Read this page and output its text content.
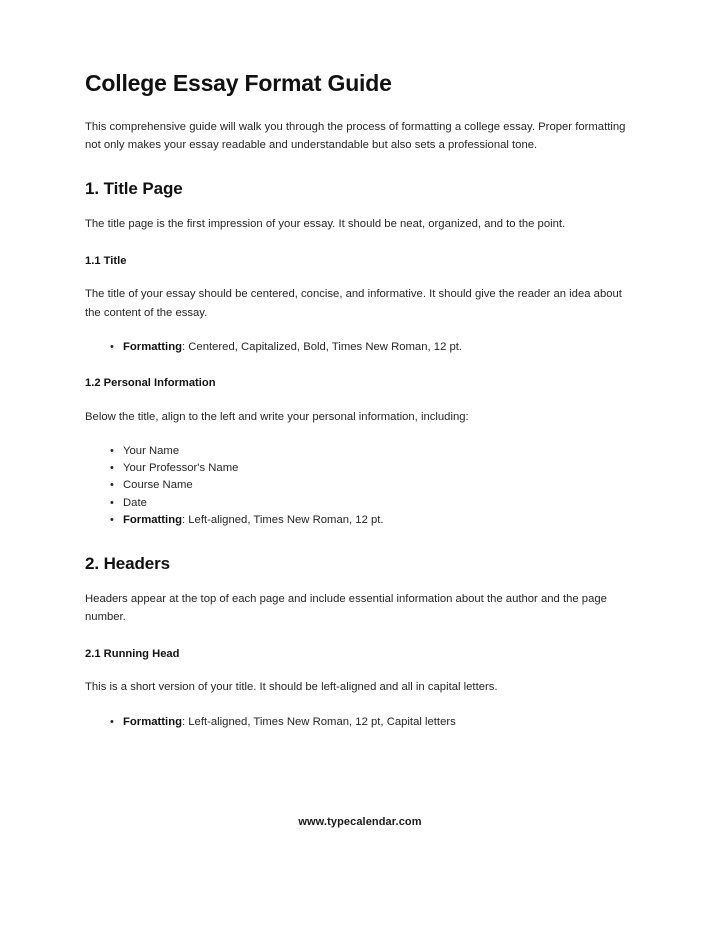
College Essay Format Guide

This comprehensive guide will walk you through the process of formatting a college essay. Proper formatting not only makes your essay readable and understandable but also sets a professional tone.

1. Title Page

The title page is the first impression of your essay. It should be neat, organized, and to the point.

1.1 Title

The title of your essay should be centered, concise, and informative. It should give the reader an idea about the content of the essay.

• Formatting: Centered, Capitalized, Bold, Times New Roman, 12 pt.
1.2 Personal Information

Below the title, align to the left and write your personal information, including:

• Your Name
• Your Professor's Name
• Course Name
• Date
• Formatting: Left-aligned, Times New Roman, 12 pt.
2. Headers

Headers appear at the top of each page and include essential information about the author and the page number.

2.1 Running Head

This is a short version of your title. It should be left-aligned and all in capital letters.

• Formatting: Left-aligned, Times New Roman, 12 pt, Capital letters
www.typecalendar.com
